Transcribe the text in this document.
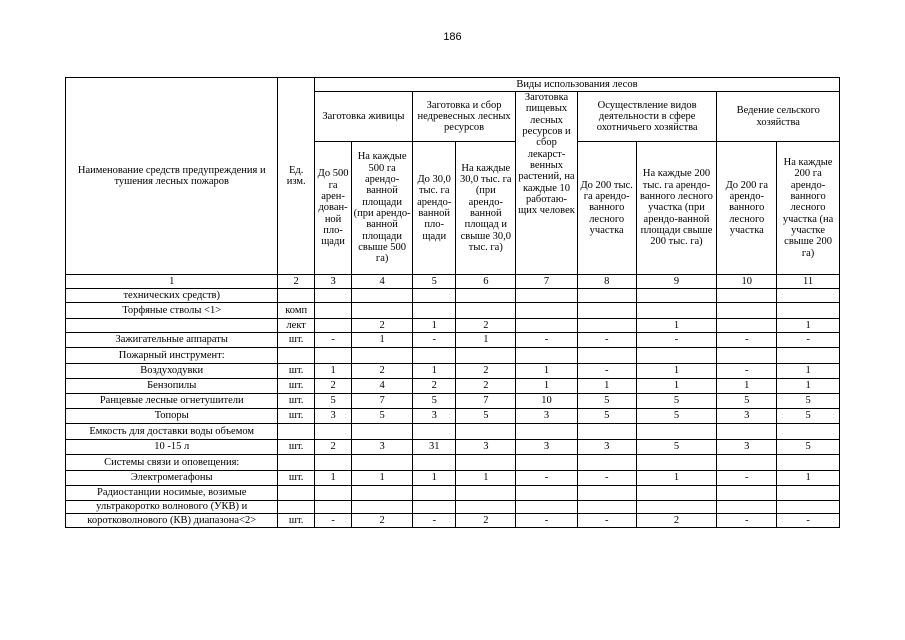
186
Наименование средств предупреждения и тушения лесных пожаров	Ед. изм.	Виды использования лесов								
		Заготовка живицы		Заготовка и сбор недревесных лесных ресурсов		Заготовка пищевых лесных ресурсов и сбор лекарст-венных растений, на каждые 10 работаю-щих человек	Осуществление видов деятельности в сфере охотничьего хозяйства		Ведение сельского хозяйства	
		До 500 га арен-дован-ной пло-щади	На каждые 500 га арендо-ванной площади (при арендо-ванной площади свыше 500 га)	До 30,0 тыс. га арендо-ванной пло-щади	На каждые 30,0 тыс. га (при арендо-ванной площад и свыше 30,0 тыс. га)		До 200 тыс. га арендо-ванного лесного участка	На каждые 200 тыс. га арендо-ванного лесного участка (при арендо-ванной площади свыше 200 тыс. га)	До 200 га арендо-ванного лесного участка	На каждые 200 га арендо-ванного лесного участка (на участке свыше 200 га)
1	2	3	4	5	6	7	8	9	10	11
технических средств)										
Торфяные стволы <1>	комп									
	лект		2	1	2			1		1
Зажигательные аппараты	шт.	-	1	-	1	-	-	-	-	-
Пожарный инструмент:										
Воздуходувки	шт.	1	2	1	2	1	-	1	-	1
Бензопилы	шт.	2	4	2	2	1	1	1	1	1
Ранцевые лесные огнетушители	шт.	5	7	5	7	10	5	5	5	5
Топоры	шт.	3	5	3	5	3	5	5	3	5
Емкость для доставки воды объемом										
10 -15 л	шт.	2	3	31	3	3	3	5	3	5
Системы связи и оповещения:										
Электромегафоны	шт.	1	1	1	1	-	-	1	-	1
Радиостанции носимые, возимые										
ультракоротко волнового (УКВ) и										
коротковолнового (КВ) диапазона<2>	шт.	-	2	-	2	-	-	2	-	-
